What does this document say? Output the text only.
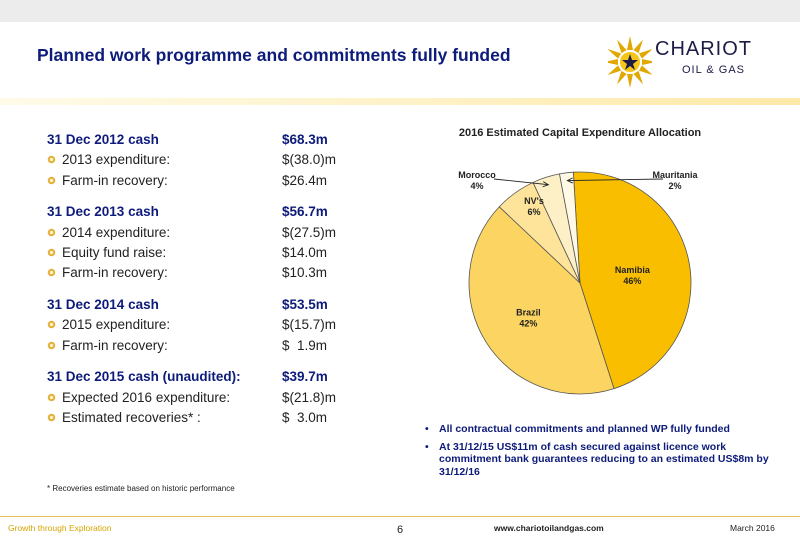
Planned work programme and commitments fully funded	CHARIOT
OIL & GAS
31 Dec 2012 cash	$68.3m
2013 expenditure:	$(38.0)m
Farm-in recovery:	$26.4m
31 Dec 2013 cash	$56.7m
2014 expenditure:	$(27.5)m
Equity fund raise:	$14.0m
Farm-in recovery:	$10.3m
31 Dec 2014 cash	$53.5m
2015 expenditure:	$(15.7)m
Farm-in recovery:	$  1.9m
31 Dec 2015 cash (unaudited):	$39.7m
Expected 2016 expenditure:	$(21.8)m
Estimated recoveries* :	$  3.0m
* Recoveries estimate based on historic performance
2016 Estimated Capital Expenditure Allocation
Namibia
46%
Brazil
42%
NV's
6%
Morocco
4%
Mauritania
2%
• All contractual commitments and planned WP fully funded
• At 31/12/15 US$11m of cash secured against licence work commitment bank guarantees reducing to an estimated US$8m by 31/12/16
Growth through Exploration	6	www.chariotoilandgas.com	March 2016
